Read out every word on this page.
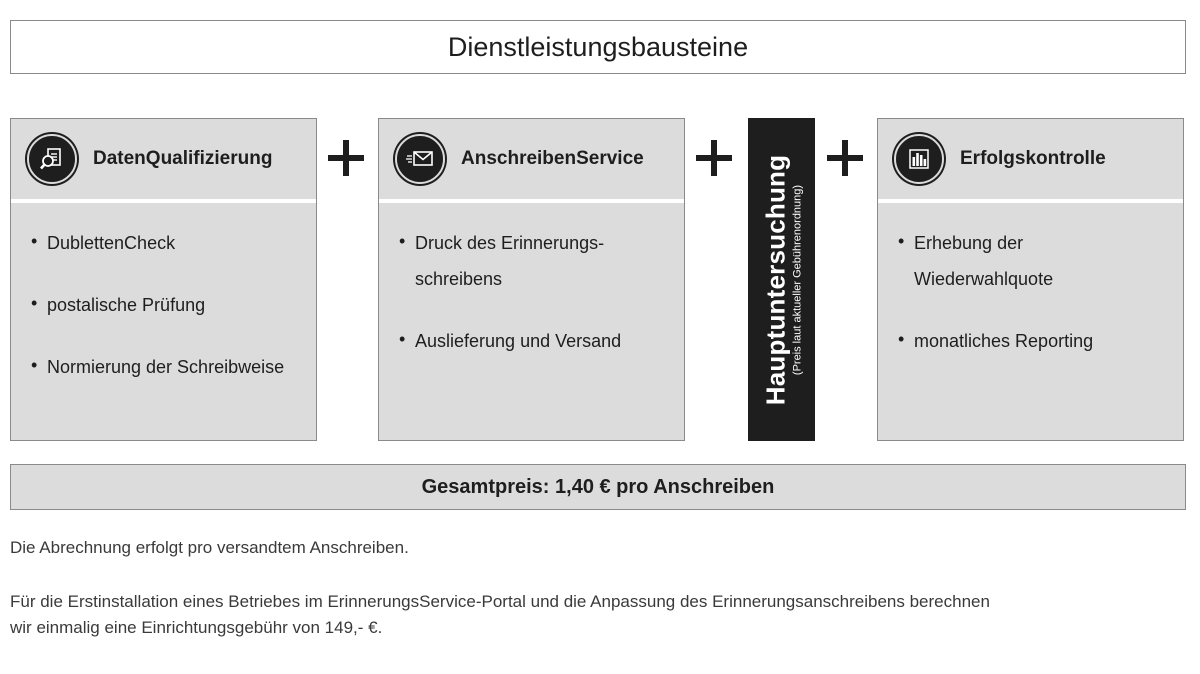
Dienstleistungsbausteine
DatenQualifizierung
• DublettenCheck
• postalische Prüfung
• Normierung der Schreibweise
AnschreibenService
• Druck des Erinnerungs-
schreibens
• Auslieferung und Versand	Hauptuntersuchung (Preis laut aktueller Gebührenordnung)
Erfolgskontrolle
• Erhebung der
Wiederwahlquote
• monatliches Reporting
Gesamtpreis: 1,40 € pro Anschreiben
Die Abrechnung erfolgt pro versandtem Anschreiben.
Für die Erstinstallation eines Betriebes im ErinnerungsService-Portal und die Anpassung des Erinnerungsanschreibens berechnen
wir einmalig eine Einrichtungsgebühr von 149,- €.
